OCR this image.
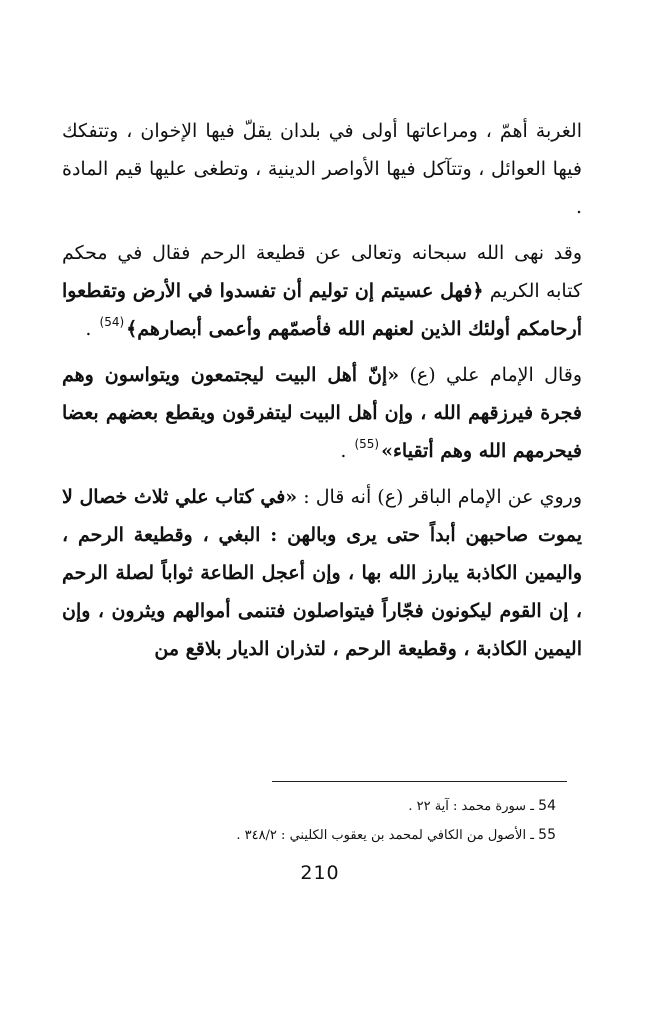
الغربة أهمّ ، ومراعاتها أولى في بلدان يقلّ فيها الإخوان ، وتتفكك فيها العوائل ، وتتآكل فيها الأواصر الدينية ، وتطغى عليها قيم المادة .

وقد نهى الله سبحانه وتعالى عن قطيعة الرحم فقال في محكم كتابه الكريم ﴿فهل عسيتم إن توليم أن تفسدوا في الأرض وتقطعوا أرحامكم أولئك الذين لعنهم الله فأصمّهم وأعمى أبصارهم﴾$^{(54)}$ .

وقال الإمام علي (ع) «إنّ أهل البيت ليجتمعون ويتواسون وهم فجرة فيرزقهم الله ، وإن أهل البيت ليتفرقون ويقطع بعضهم بعضا فيحرمهم الله وهم أتقياء»$^{(55)}$ .

وروي عن الإمام الباقر (ع) أنه قال : «في كتاب علي ثلاث خصال لا يموت صاحبهن أبداً حتى يرى وبالهن : البغي ، وقطيعة الرحم ، واليمين الكاذبة يبارز الله بها ، وإن أعجل الطاعة ثواباً لصلة الرحم ، إن القوم ليكونون فجّاراً فيتواصلون فتنمى أموالهم ويثرون ، وإن اليمين الكاذبة ، وقطيعة الرحم ، لتذران الديار بلاقع من

54 ـ سورة محمد : آية ٢٢ .

55 ـ الأصول من الكافي لمحمد بن يعقوب الكليني : ٣٤٨/٢ .

210
